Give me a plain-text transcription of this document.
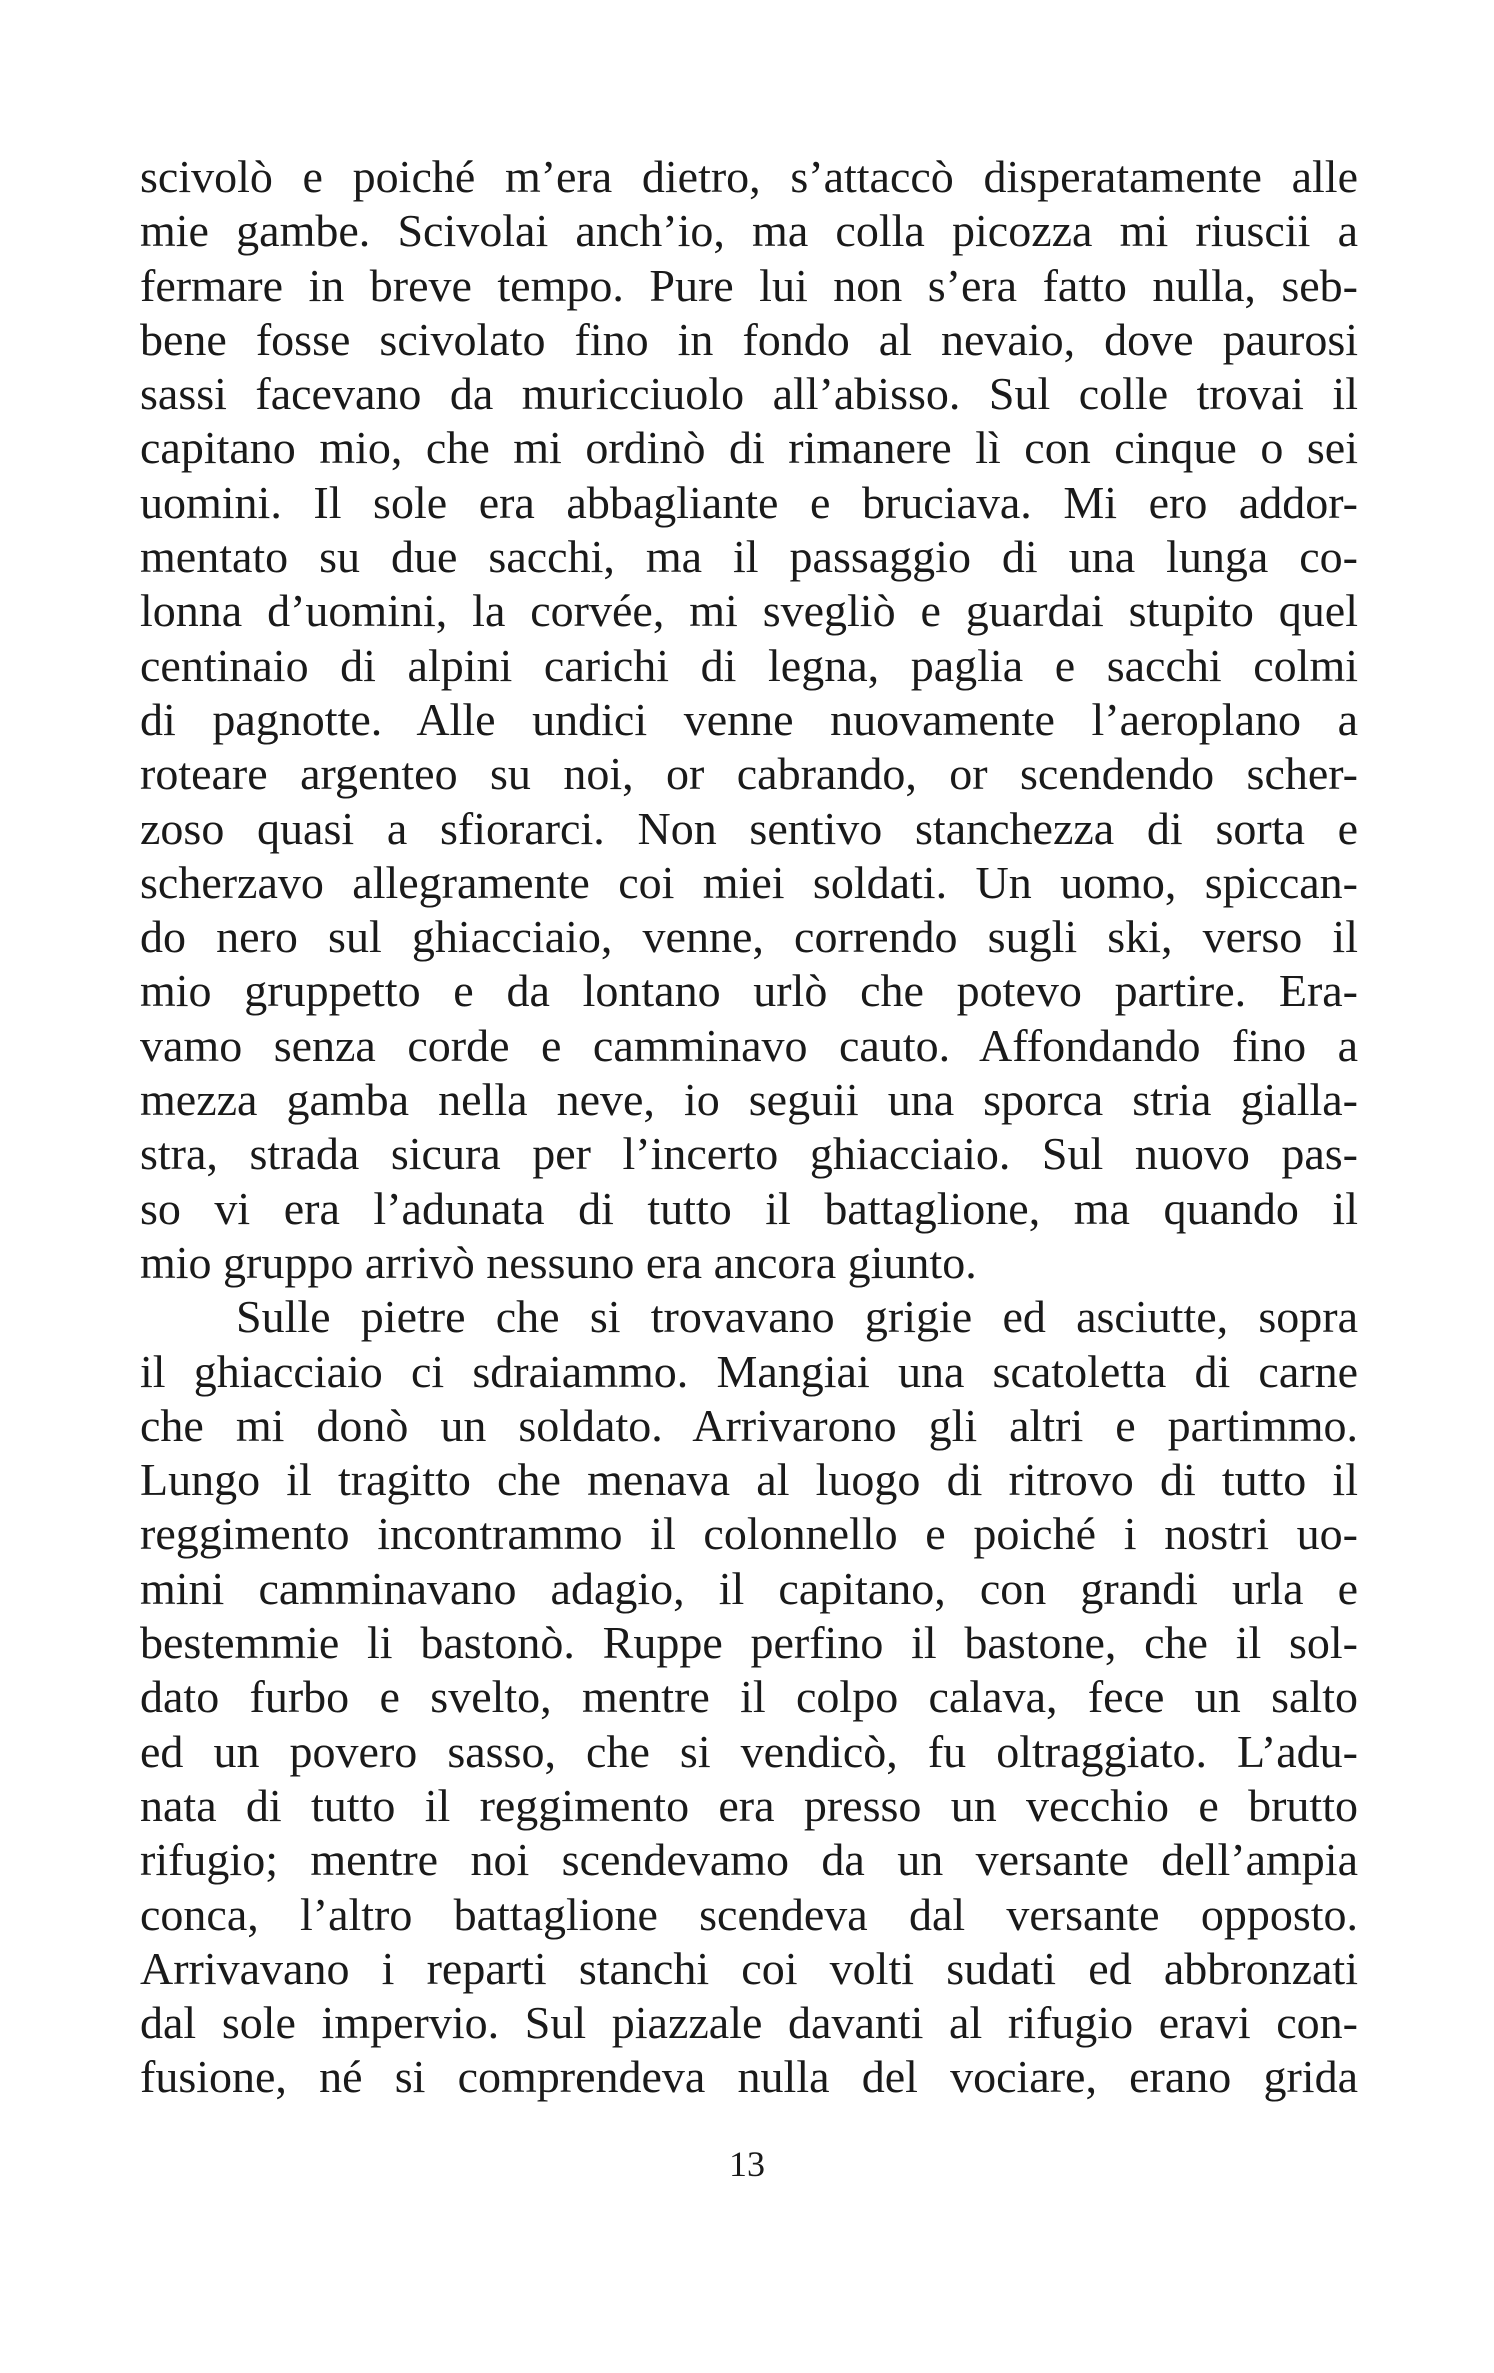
scivolò e poiché m’era dietro, s’attaccò disperatamente alle
mie gambe. Scivolai anch’io, ma colla picozza mi riuscii a
fermare in breve tempo. Pure lui non s’era fatto nulla, seb-
bene fosse scivolato fino in fondo al nevaio, dove paurosi
sassi facevano da muricciuolo all’abisso. Sul colle trovai il
capitano mio, che mi ordinò di rimanere lì con cinque o sei
uomini. Il sole era abbagliante e bruciava. Mi ero addor-
mentato su due sacchi, ma il passaggio di una lunga co-
lonna d’uomini, la corvée, mi svegliò e guardai stupito quel
centinaio di alpini carichi di legna, paglia e sacchi colmi
di pagnotte. Alle undici venne nuovamente l’aeroplano a
roteare argenteo su noi, or cabrando, or scendendo scher-
zoso quasi a sfiorarci. Non sentivo stanchezza di sorta e
scherzavo allegramente coi miei soldati. Un uomo, spiccan-
do nero sul ghiacciaio, venne, correndo sugli ski, verso il
mio gruppetto e da lontano urlò che potevo partire. Era-
vamo senza corde e camminavo cauto. Affondando fino a
mezza gamba nella neve, io seguii una sporca stria gialla-
stra, strada sicura per l’incerto ghiacciaio. Sul nuovo pas-
so vi era l’adunata di tutto il battaglione, ma quando il
mio gruppo arrivò nessuno era ancora giunto.
Sulle pietre che si trovavano grigie ed asciutte, sopra
il ghiacciaio ci sdraiammo. Mangiai una scatoletta di carne
che mi donò un soldato. Arrivarono gli altri e partimmo.
Lungo il tragitto che menava al luogo di ritrovo di tutto il
reggimento incontrammo il colonnello e poiché i nostri uo-
mini camminavano adagio, il capitano, con grandi urla e
bestemmie li bastonò. Ruppe perfino il bastone, che il sol-
dato furbo e svelto, mentre il colpo calava, fece un salto
ed un povero sasso, che si vendicò, fu oltraggiato. L’adu-
nata di tutto il reggimento era presso un vecchio e brutto
rifugio; mentre noi scendevamo da un versante dell’ampia
conca, l’altro battaglione scendeva dal versante opposto.
Arrivavano i reparti stanchi coi volti sudati ed abbronzati
dal sole impervio. Sul piazzale davanti al rifugio eravi con-
fusione, né si comprendeva nulla del vociare, erano grida
13
